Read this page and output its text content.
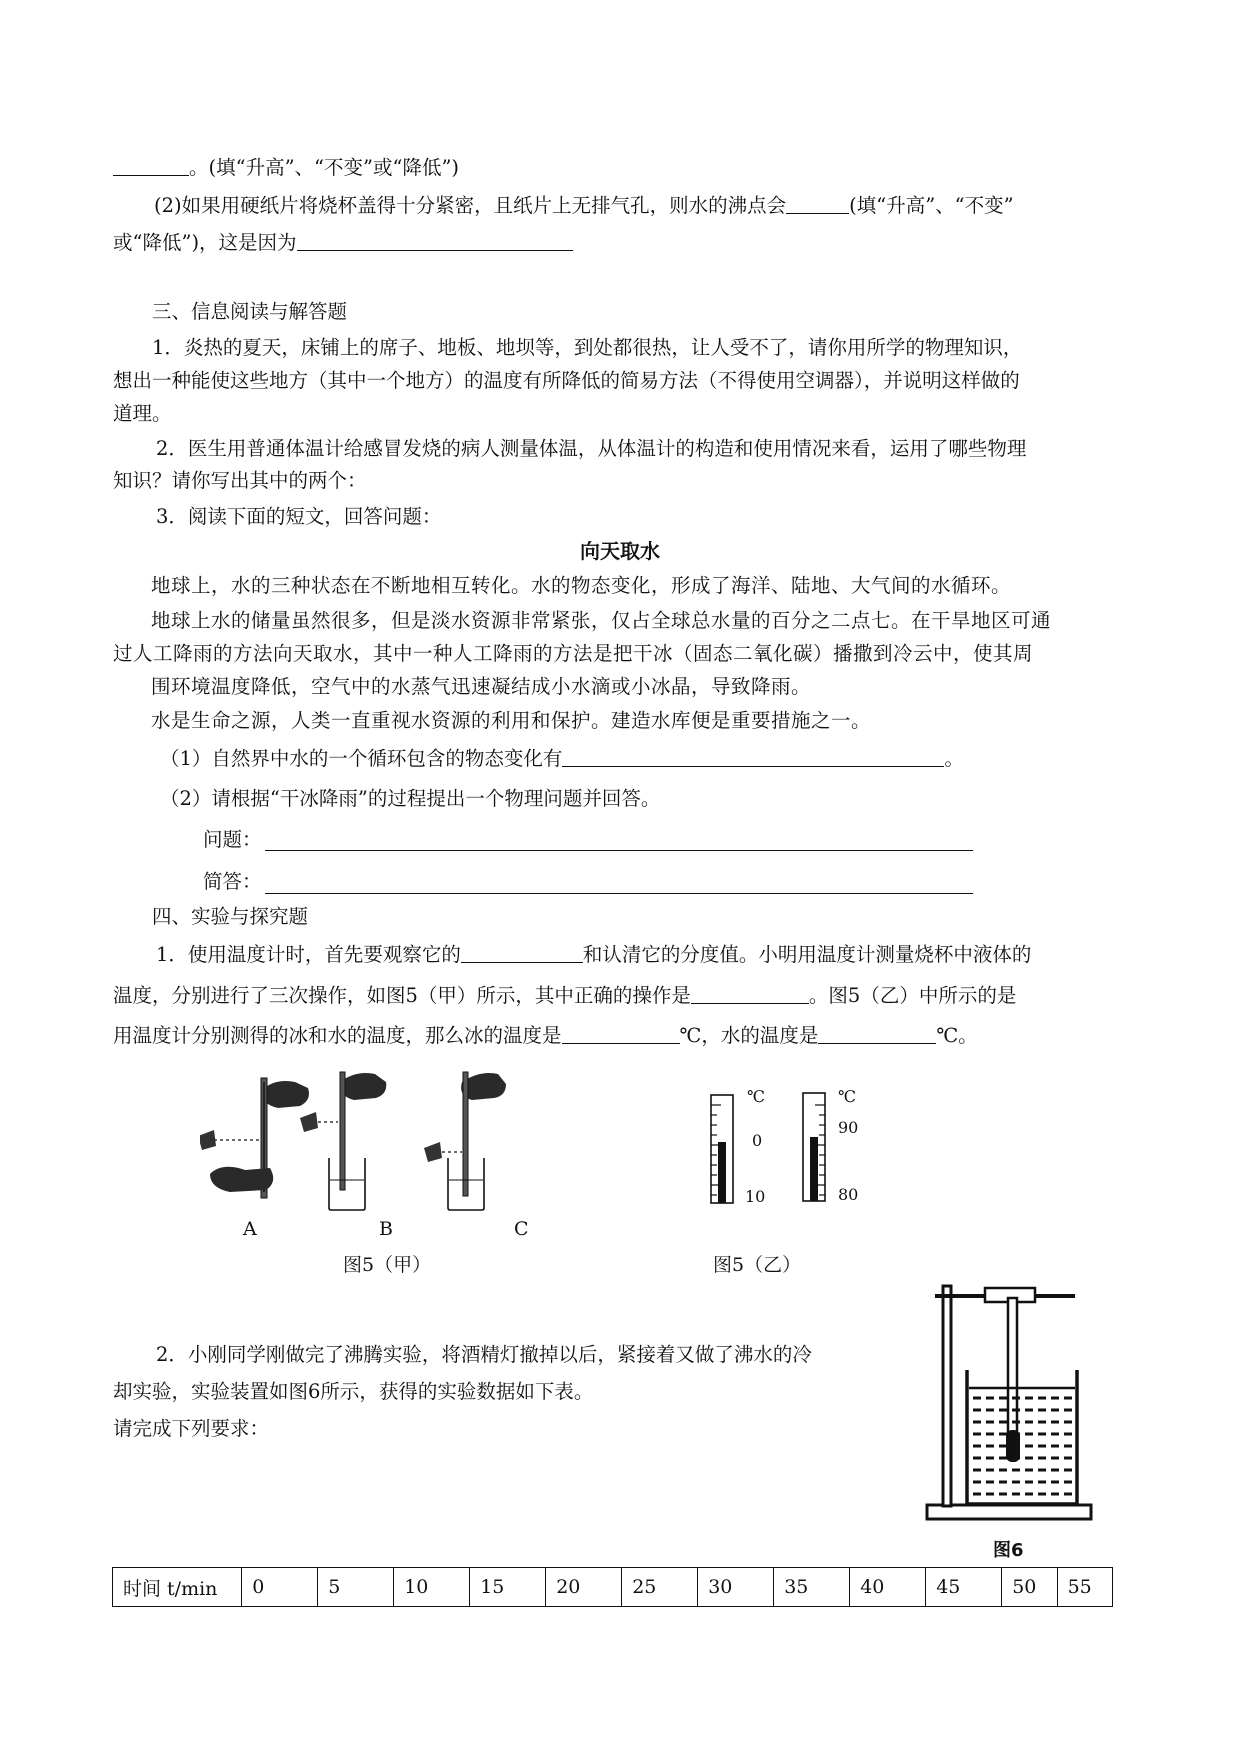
。(填“升高”、“不变”或“降低”)
(2)如果用硬纸片将烧杯盖得十分紧密，且纸片上无排气孔，则水的沸点会	(填“升高”、“不变”
或“降低”)，这是因为
三、信息阅读与解答题
1．炎热的夏天，床铺上的席子、地板、地坝等，到处都很热，让人受不了，请你用所学的物理知识，
想出一种能使这些地方（其中一个地方）的温度有所降低的简易方法（不得使用空调器），并说明这样做的
道理。
2．医生用普通体温计给感冒发烧的病人测量体温，从体温计的构造和使用情况来看，运用了哪些物理
知识？请你写出其中的两个：
3．阅读下面的短文，回答问题：
向天取水
地球上，水的三种状态在不断地相互转化。水的物态变化，形成了海洋、陆地、大气间的水循环。
地球上水的储量虽然很多，但是淡水资源非常紧张，仅占全球总水量的百分之二点七。在干旱地区可通
过人工降雨的方法向天取水，其中一种人工降雨的方法是把干冰（固态二氧化碳）播撒到冷云中，使其周
围环境温度降低，空气中的水蒸气迅速凝结成小水滴或小冰晶，导致降雨。
水是生命之源，人类一直重视水资源的利用和保护。建造水库便是重要措施之一。
（1）自然界中水的一个循环包含的物态变化有	。
（2）请根据“干冰降雨”的过程提出一个物理问题并回答。
问题：
简答：
四、实验与探究题
1．使用温度计时，首先要观察它的	和认清它的分度值。小明用温度计测量烧杯中液体的
温度，分别进行了三次操作，如图5（甲）所示，其中正确的操作是	。图5（乙）中所示的是
用温度计分别测得的冰和水的温度，那么冰的温度是	℃，水的温度是	℃。
A	B	C
图5（甲）
℃
0
10
℃
90
80
图5（乙）
2．小刚同学刚做完了沸腾实验，将酒精灯撤掉以后，紧接着又做了沸水的冷
却实验，实验装置如图6所示，获得的实验数据如下表。
请完成下列要求：
图6
时间 t/min	0	5	10	15	20	25	30	35	40	45	50	55
